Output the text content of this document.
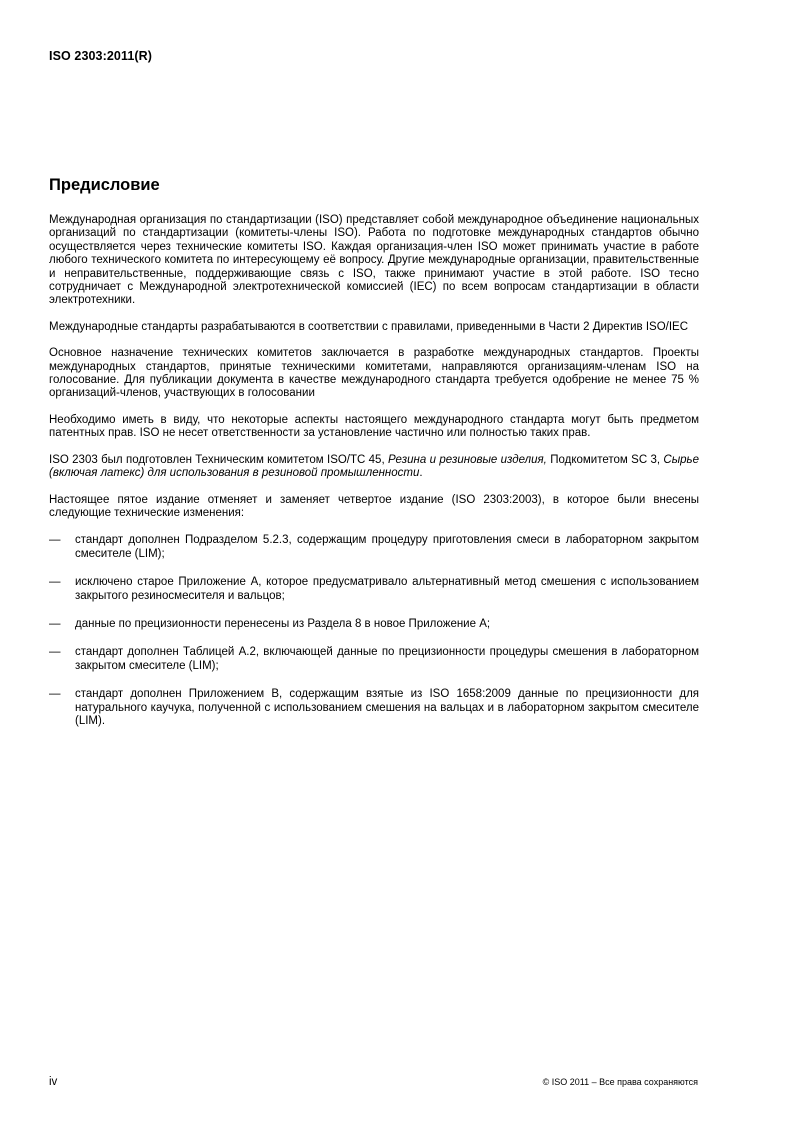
ISO 2303:2011(R)
Предисловие

Международная организация по стандартизации (ISO) представляет собой международное объединение национальных организаций по стандартизации (комитеты-члены ISO). Работа по подготовке международных стандартов обычно осуществляется через технические комитеты ISO. Каждая организация-член ISO может принимать участие в работе любого технического комитета по интересующему её вопросу. Другие международные организации, правительственные и неправительственные, поддерживающие связь с ISO, также принимают участие в этой работе. ISO тесно сотрудничает с Международной электротехнической комиссией (IEC) по всем вопросам стандартизации в области электротехники.

Международные стандарты разрабатываются в соответствии с правилами, приведенными в Части 2 Директив ISO/IEC

Основное назначение технических комитетов заключается в разработке международных стандартов. Проекты международных стандартов, принятые техническими комитетами, направляются организациям-членам ISO на голосование. Для публикации документа в качестве международного стандарта требуется одобрение не менее 75 % организаций-членов, участвующих в голосовании

Необходимо иметь в виду, что некоторые аспекты настоящего международного стандарта могут быть предметом патентных прав. ISO не несет ответственности за установление частично или полностью таких прав.

ISO 2303 был подготовлен Техническим комитетом ISO/TC 45, Резина и резиновые изделия, Подкомитетом SC 3, Сырье (включая латекс) для использования в резиновой промышленности.

Настоящее пятое издание отменяет и заменяет четвертое издание (ISO 2303:2003), в которое были внесены следующие технические изменения:

— стандарт дополнен Подразделом 5.2.3, содержащим процедуру приготовления смеси в лабораторном закрытом смесителе (LIM);
— исключено старое Приложение А, которое предусматривало альтернативный метод смешения с использованием закрытого резиносмесителя и вальцов;
— данные по прецизионности перенесены из Раздела 8 в новое Приложение А;
— стандарт дополнен Таблицей А.2, включающей данные по прецизионности процедуры смешения в лабораторном закрытом смесителе (LIM);
— стандарт дополнен Приложением В, содержащим взятые из ISO 1658:2009 данные по прецизионности для натурального каучука, полученной с использованием смешения на вальцах и в лабораторном закрытом смесителе (LIM).
iv	© ISO 2011 – Все права сохраняются
